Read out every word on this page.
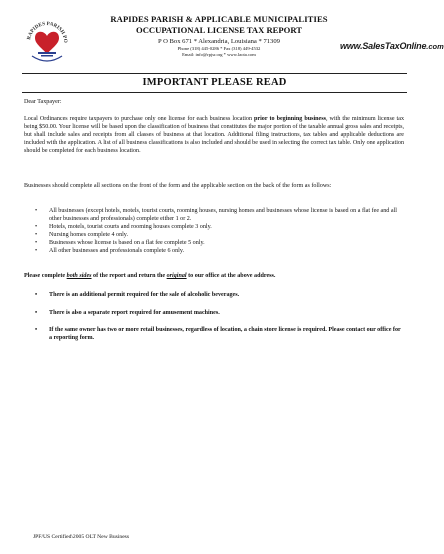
RAPIDES PARISH PO
www.SalesTaxOnline.com
RAPIDES PARISH & APPLICABLE MUNICIPALITIES
OCCUPATIONAL LICENSE TAX REPORT
P O Box 671 * Alexandria, Louisiana * 71309
Phone (318) 445-0286 * Fax (318) 449-4532
Email: info@rpjsr.org * www.laota.com
IMPORTANT PLEASE READ

Dear Taxpayer:

Local Ordinances require taxpayers to purchase only one license for each business location prior to beginning business, with the minimum license tax being $50.00. Your license will be based upon the classification of business that constitutes the major portion of the taxable annual gross sales and receipts, but shall include sales and receipts from all classes of business at that location. Additional filing instructions, tax tables and applicable deductions are included with the application. A list of all business classifications is also included and should be used in selecting the correct tax table. Only one application should be completed for each business location.

Businesses should complete all sections on the front of the form and the applicable section on the back of the form as follows:

• All businesses (except hotels, motels, tourist courts, rooming houses, nursing homes and businesses whose license is based on a flat fee and all other businesses and professionals) complete either 1 or 2.
• Hotels, motels, tourist courts and rooming houses complete 3 only.
• Nursing homes complete 4 only.
• Businesses whose license is based on a flat fee complete 5 only.
• All other businesses and professionals complete 6 only.

Please complete both sides of the report and return the original to our office at the above address.

• There is an additional permit required for the sale of alcoholic beverages.
• There is also a separate report required for amusement machines.
• If the same owner has two or more retail businesses, regardless of location, a chain store license is required. Please contact our office for a reporting form.
JPF/US Certified\2005 OLT New Business
